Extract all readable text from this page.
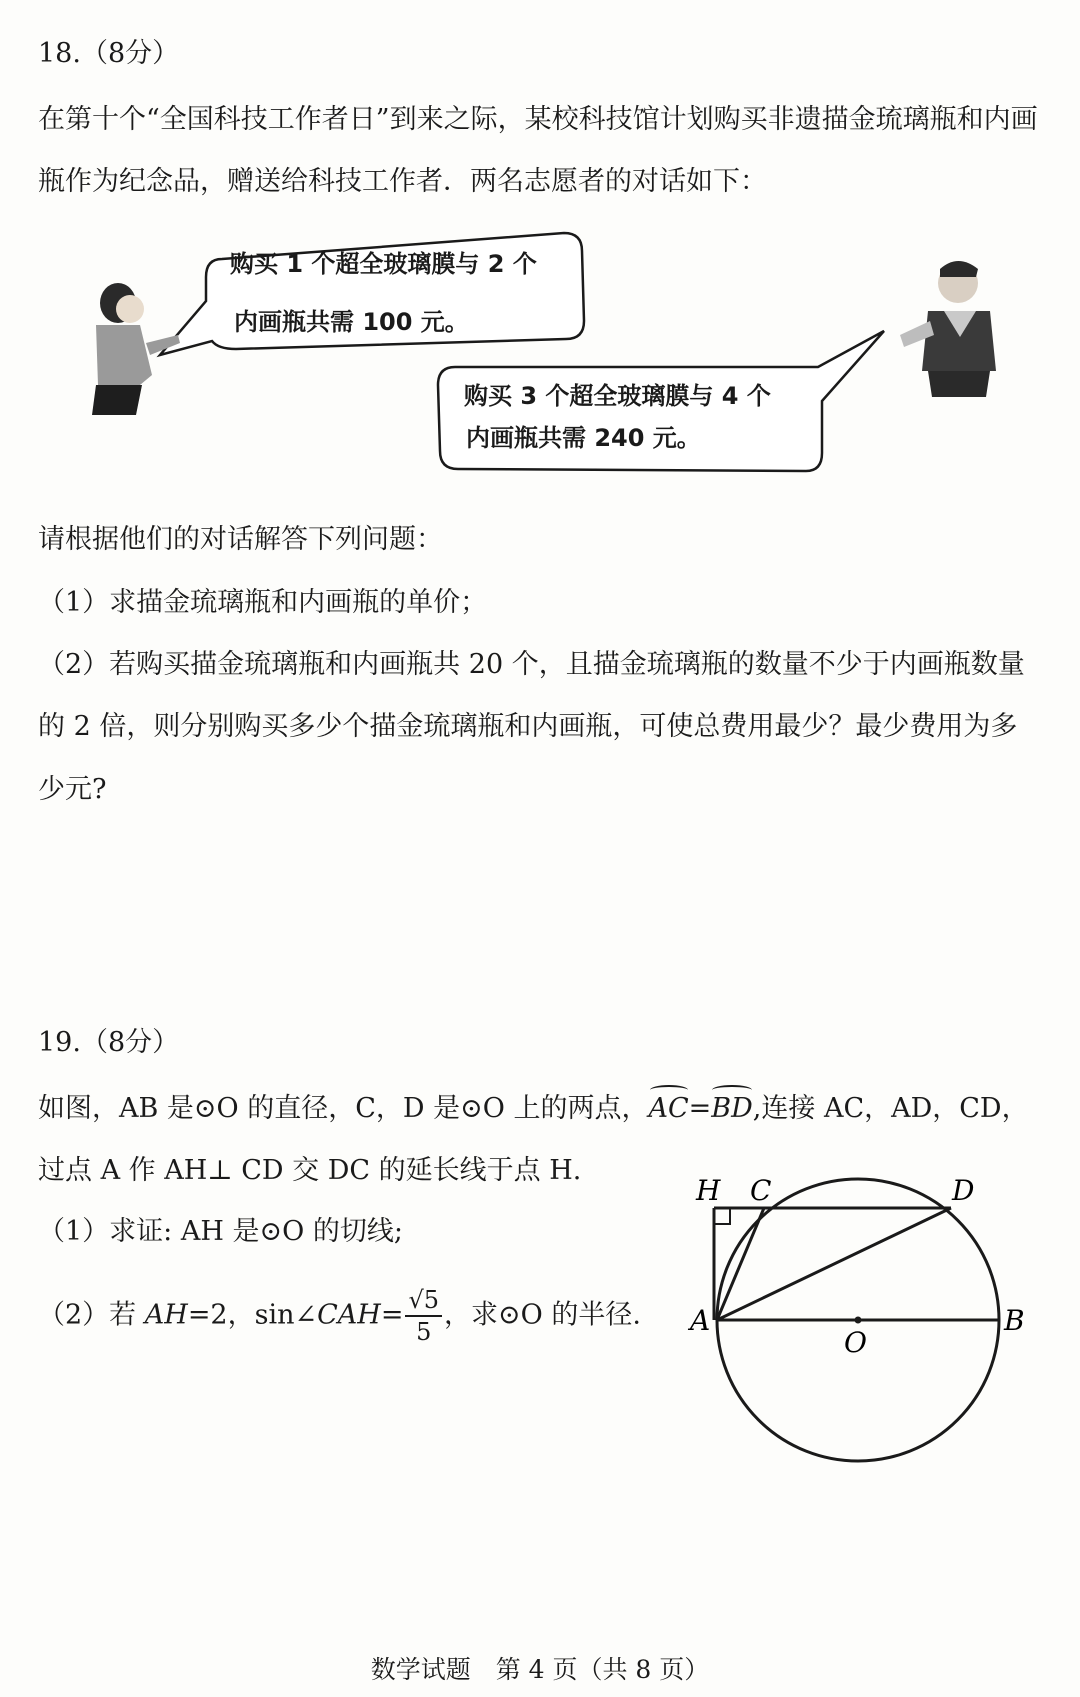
18.（8分）
在第十个“全国科技工作者日”到来之际，某校科技馆计划购买非遗描金琉璃瓶和内画
瓶作为纪念品，赠送给科技工作者．两名志愿者的对话如下：
购买 1 个超全玻璃膜与 2 个
内画瓶共需 100 元。
购买 3 个超全玻璃膜与 4 个
内画瓶共需 240 元。
请根据他们的对话解答下列问题：
（1）求描金琉璃瓶和内画瓶的单价；
（2）若购买描金琉璃瓶和内画瓶共 20 个，且描金琉璃瓶的数量不少于内画瓶数量
的 2 倍，则分别购买多少个描金琉璃瓶和内画瓶，可使总费用最少？最少费用为多
少元?
19.（8分）
如图，AB 是⊙O 的直径，C，D 是⊙O 上的两点，AC=BD,连接 AC，AD，CD，
过点 A 作 AH⊥ CD 交 DC 的延长线于点 H.
（1）求证: AH 是⊙O 的切线;
（2）若 AH=2，sin∠CAH= $\frac{√5}{5}$ ，求⊙O 的半径.
H C	D
A
O
B
数学试题　第 4 页（共 8 页）
